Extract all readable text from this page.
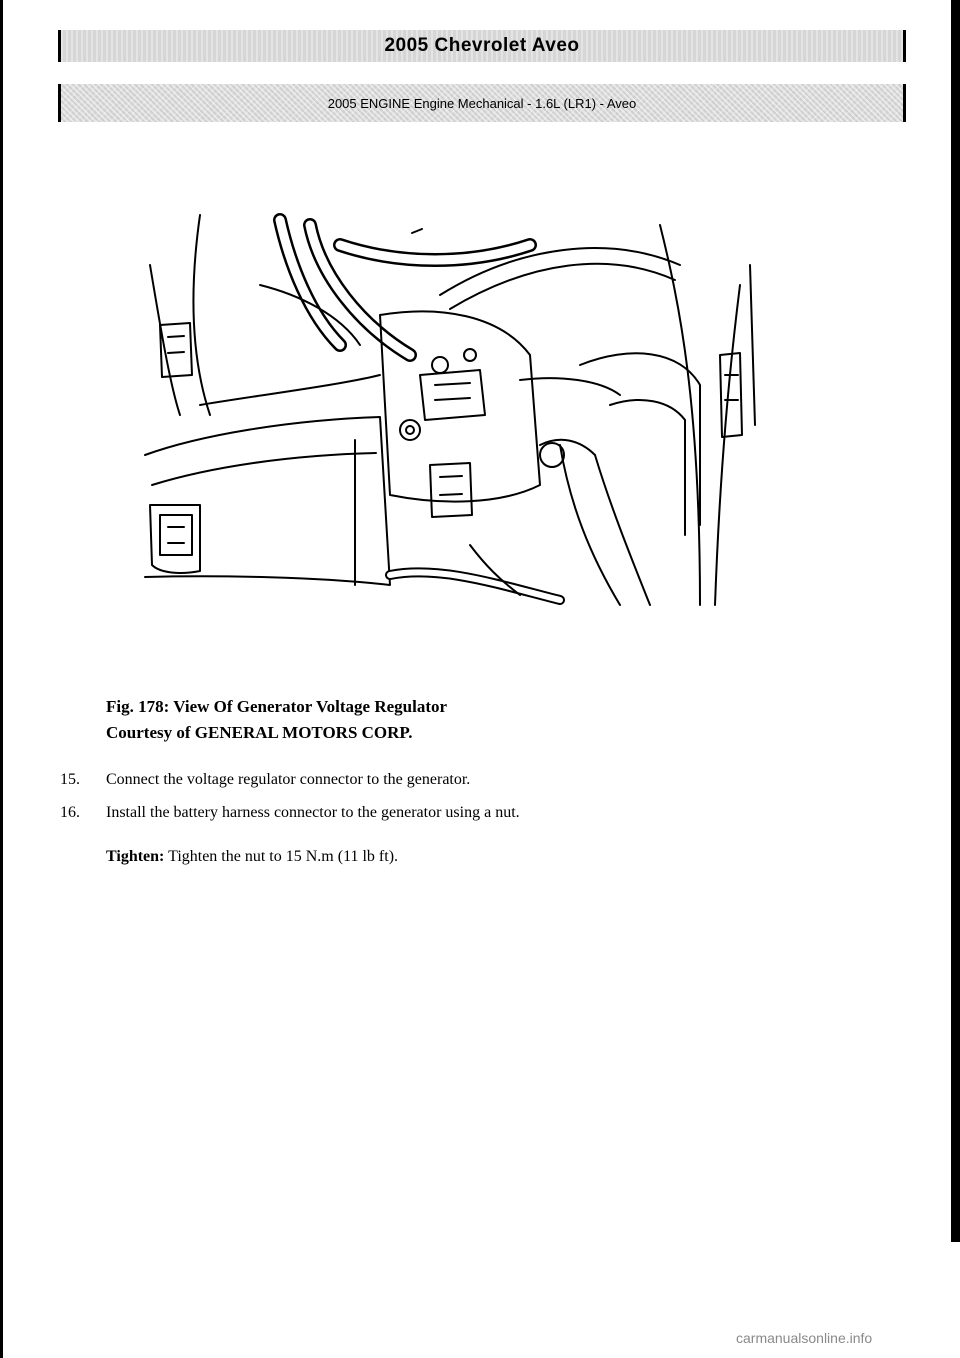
2005 Chevrolet Aveo
2005 ENGINE Engine Mechanical - 1.6L (LR1) - Aveo
Fig. 178: View Of Generator Voltage Regulator
Courtesy of GENERAL MOTORS CORP.
15.	Connect the voltage regulator connector to the generator.
16.	Install the battery harness connector to the generator using a nut.
Tighten: Tighten the nut to 15 N.m (11 lb ft).
carmanualsonline.info
